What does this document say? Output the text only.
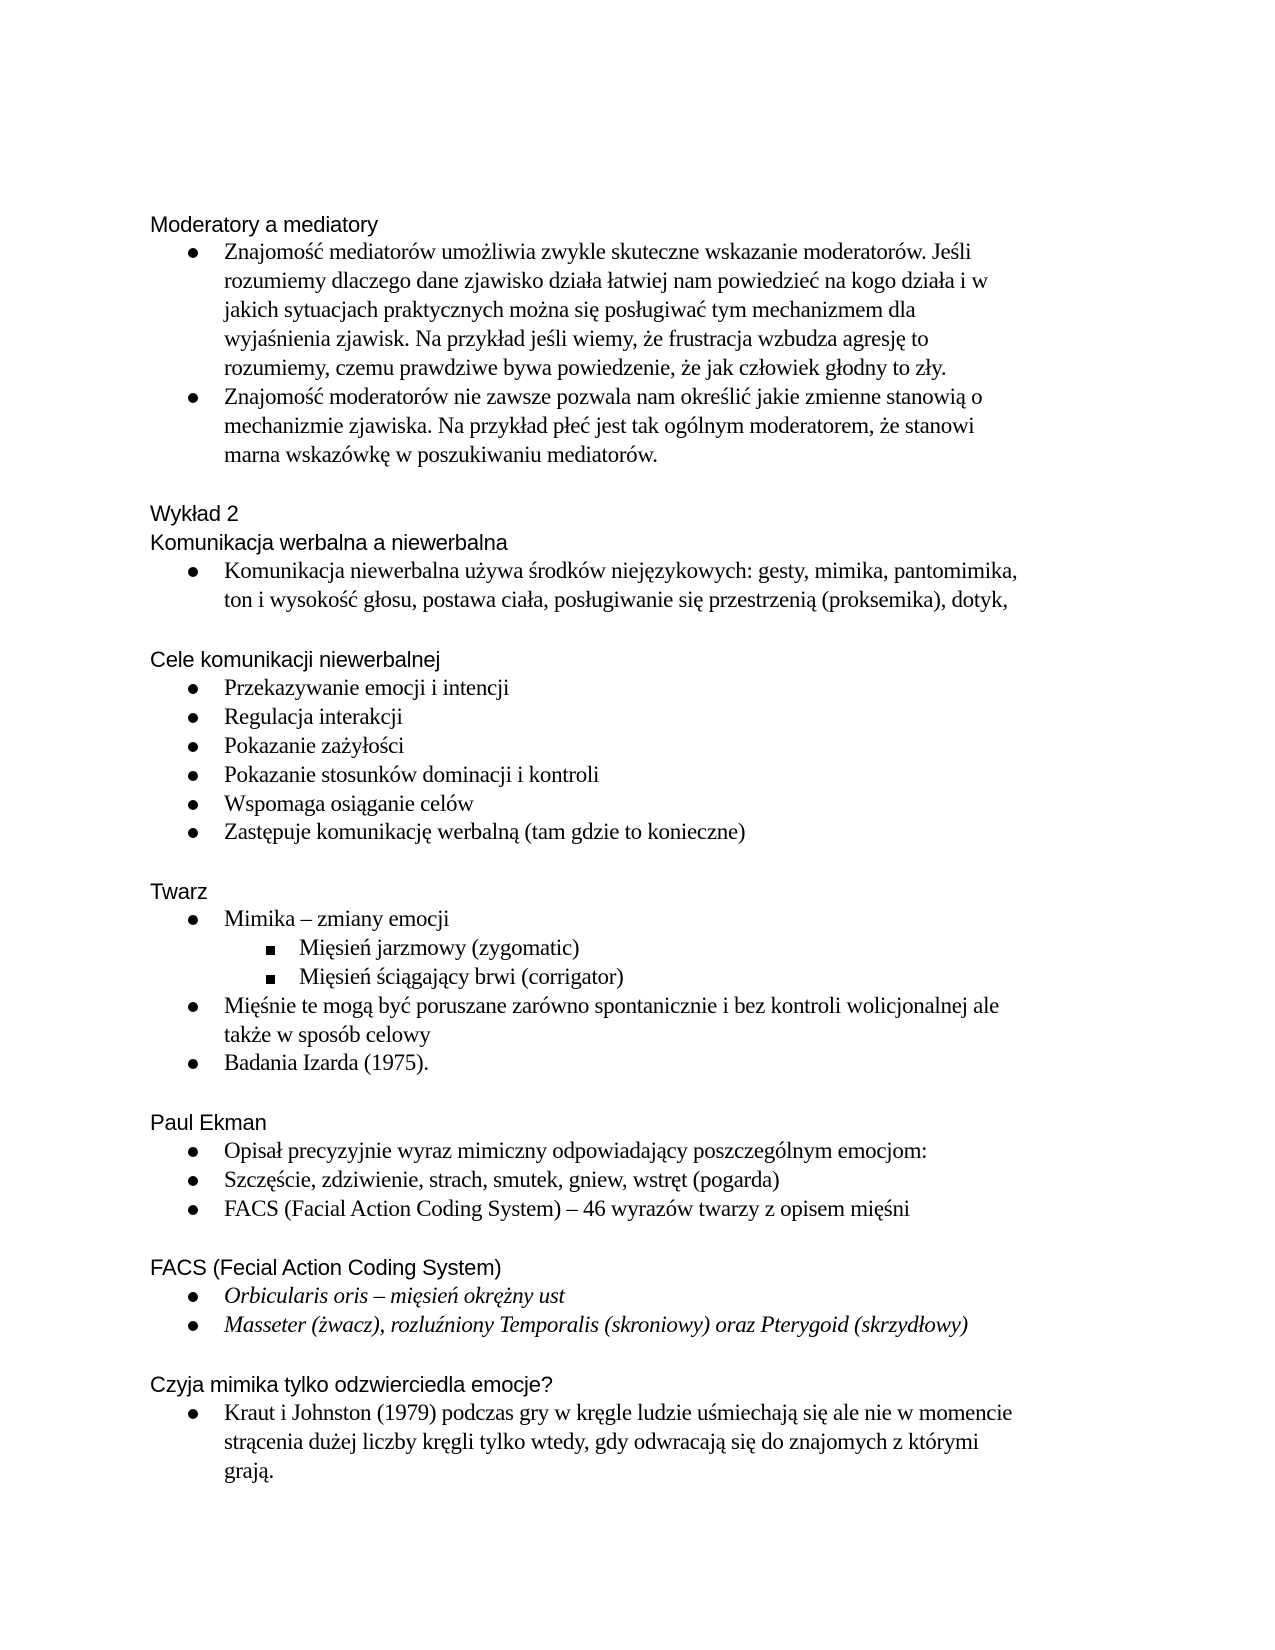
Moderatory a mediatory
Znajomość mediatorów umożliwia zwykle skuteczne wskazanie moderatorów. Jeśli
rozumiemy dlaczego dane zjawisko działa łatwiej nam powiedzieć na kogo działa i w
jakich sytuacjach praktycznych można się posługiwać tym mechanizmem dla
wyjaśnienia zjawisk. Na przykład jeśli wiemy, że frustracja wzbudza agresję to
rozumiemy, czemu prawdziwe bywa powiedzenie, że jak człowiek głodny to zły.
Znajomość moderatorów nie zawsze pozwala nam określić jakie zmienne stanowią o
mechanizmie zjawiska. Na przykład płeć jest tak ogólnym moderatorem, że stanowi
marna wskazówkę w poszukiwaniu mediatorów.
Wykład 2
Komunikacja werbalna a niewerbalna
Komunikacja niewerbalna używa środków niejęzykowych: gesty, mimika, pantomimika,
ton i wysokość głosu, postawa ciała, posługiwanie się przestrzenią (proksemika), dotyk,
Cele komunikacji niewerbalnej
Przekazywanie emocji i intencji
Regulacja interakcji
Pokazanie zażyłości
Pokazanie stosunków dominacji i kontroli
Wspomaga osiąganie celów
Zastępuje komunikację werbalną (tam gdzie to konieczne)
Twarz
Mimika – zmiany emocji
Mięsień jarzmowy (zygomatic)
Mięsień ściągający brwi (corrigator)
Mięśnie te mogą być poruszane zarówno spontanicznie i bez kontroli wolicjonalnej ale
także w sposób celowy
Badania Izarda (1975).
Paul Ekman
Opisał precyzyjnie wyraz mimiczny odpowiadający poszczególnym emocjom:
Szczęście, zdziwienie, strach, smutek, gniew, wstręt (pogarda)
FACS (Facial Action Coding System) – 46 wyrazów twarzy z opisem mięśni
FACS (Fecial Action Coding System)
Orbicularis oris – mięsień okrężny ust
Masseter (żwacz), rozluźniony Temporalis (skroniowy) oraz Pterygoid (skrzydłowy)
Czyja mimika tylko odzwierciedla emocje?
Kraut i Johnston (1979) podczas gry w kręgle ludzie uśmiechają się ale nie w momencie
strącenia dużej liczby kręgli tylko wtedy, gdy odwracają się do znajomych z którymi
grają.
